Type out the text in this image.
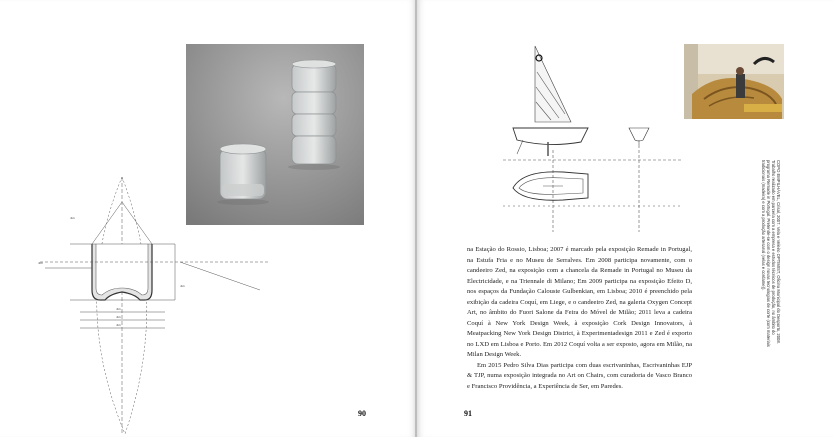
dim
dim
dim
dim
dim
dim
90

na Estação do Rossio, Lisboa; 2007 é marcado pela exposição Remade in Portugal, na Estufa Fria e no Museu de Serralves. Em 2008 participa novamente, com o candeeiro Zed, na exposição com a chancela da Remade in Portugal no Museu da Electricidade, e na Triennale di Milano; Em 2009 participa na exposição Efeito D, nos espaços da Fundação Calouste Gulbenkian, em Lisboa; 2010 é preenchido pela exibição da cadeira Coquí, em Liege, e o candeeiro Zed, na galeria Oxygen Concept Art, no âmbito do Fuori Salone da Feira do Móvel de Milão; 2011 leva a cadeira Coquí à New York Design Week, à exposição Cork Design Innovators, à Meatpacking New York Design District, à Experimentadesign 2011 e Zed é exporto no LXD em Lisboa e Porto. Em 2012 Coquí volta a ser exposto, agora em Milão, na Milan Design Week.

Em 2015 Pedro Silva Dias participa com duas escrivaninhas, Escrivaninhas EJP & TJP, numa exposição integrada no Art on Chairs, com curadoria de Vasco Branco e Francisco Providência, a Experiência de Ser, em Paredes.

COPO EMPILHÁVEL, Crisal, 2007. Vela e Veleiro OPTIMIST, Oficina Municipal do Desporto, 2008. Trabalho realizado em parceria com a empresa e estudos técnicos de produção, no âmbito do programa Remade in Portugal. Pretende-se com o design novas tecnologias de corte (com materiais tradicionais (madeira) e com a produção artesanal (velas e cordame)).
91
